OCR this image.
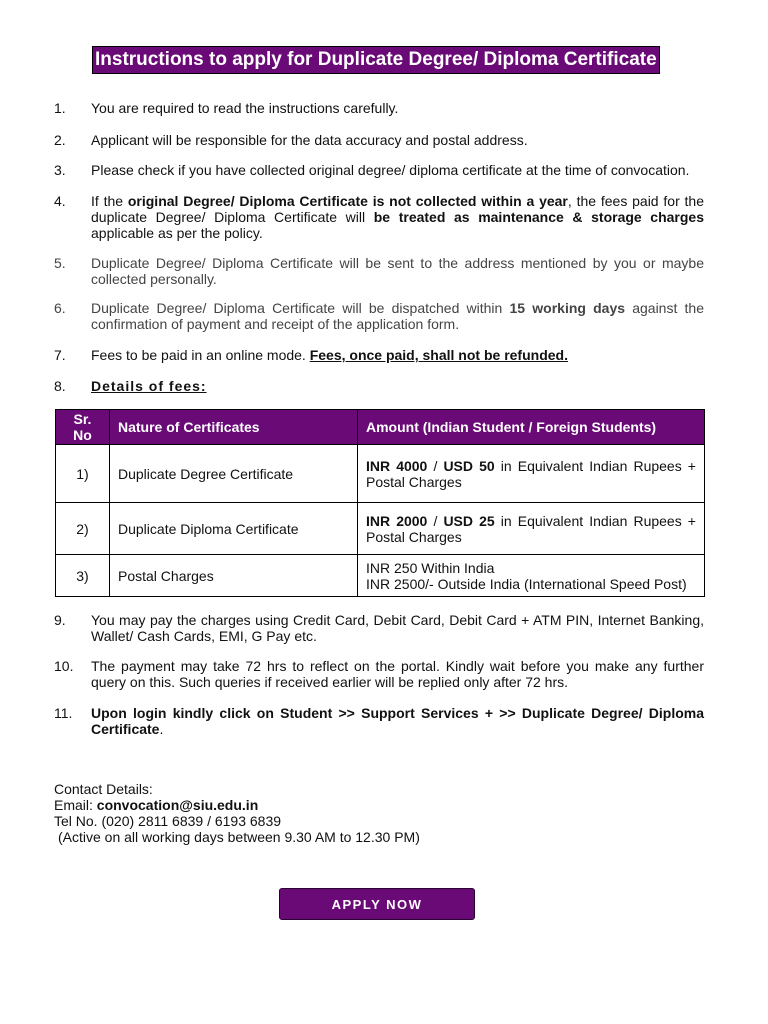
Instructions to apply for Duplicate Degree/ Diploma Certificate
1. You are required to read the instructions carefully.
2. Applicant will be responsible for the data accuracy and postal address.
3. Please check if you have collected original degree/ diploma certificate at the time of convocation.
4. If the original Degree/ Diploma Certificate is not collected within a year, the fees paid for the duplicate Degree/ Diploma Certificate will be treated as maintenance & storage charges applicable as per the policy.
5. Duplicate Degree/ Diploma Certificate will be sent to the address mentioned by you or maybe collected personally.
6. Duplicate Degree/ Diploma Certificate will be dispatched within 15 working days against the confirmation of payment and receipt of the application form.
7. Fees to be paid in an online mode. Fees, once paid, shall not be refunded.
8. Details of fees:
Sr. No	Nature of Certificates	Amount (Indian Student / Foreign Students)
1)	Duplicate Degree Certificate	INR 4000 / USD 50 in Equivalent Indian Rupees + Postal Charges

2)	Duplicate Diploma Certificate	INR 2000 / USD 25 in Equivalent Indian Rupees + Postal Charges

3)	Postal Charges	INR 250 Within India
INR 2500/- Outside India (International Speed Post)
9. You may pay the charges using Credit Card, Debit Card, Debit Card + ATM PIN, Internet Banking, Wallet/ Cash Cards, EMI, G Pay etc.
10. The payment may take 72 hrs to reflect on the portal. Kindly wait before you make any further query on this. Such queries if received earlier will be replied only after 72 hrs.
11. Upon login kindly click on Student >> Support Services + >> Duplicate Degree/ Diploma Certificate.
Contact Details:
Email: convocation@siu.edu.in
Tel No. (020) 2811 6839 / 6193 6839
(Active on all working days between 9.30 AM to 12.30 PM)
APPLY NOW
